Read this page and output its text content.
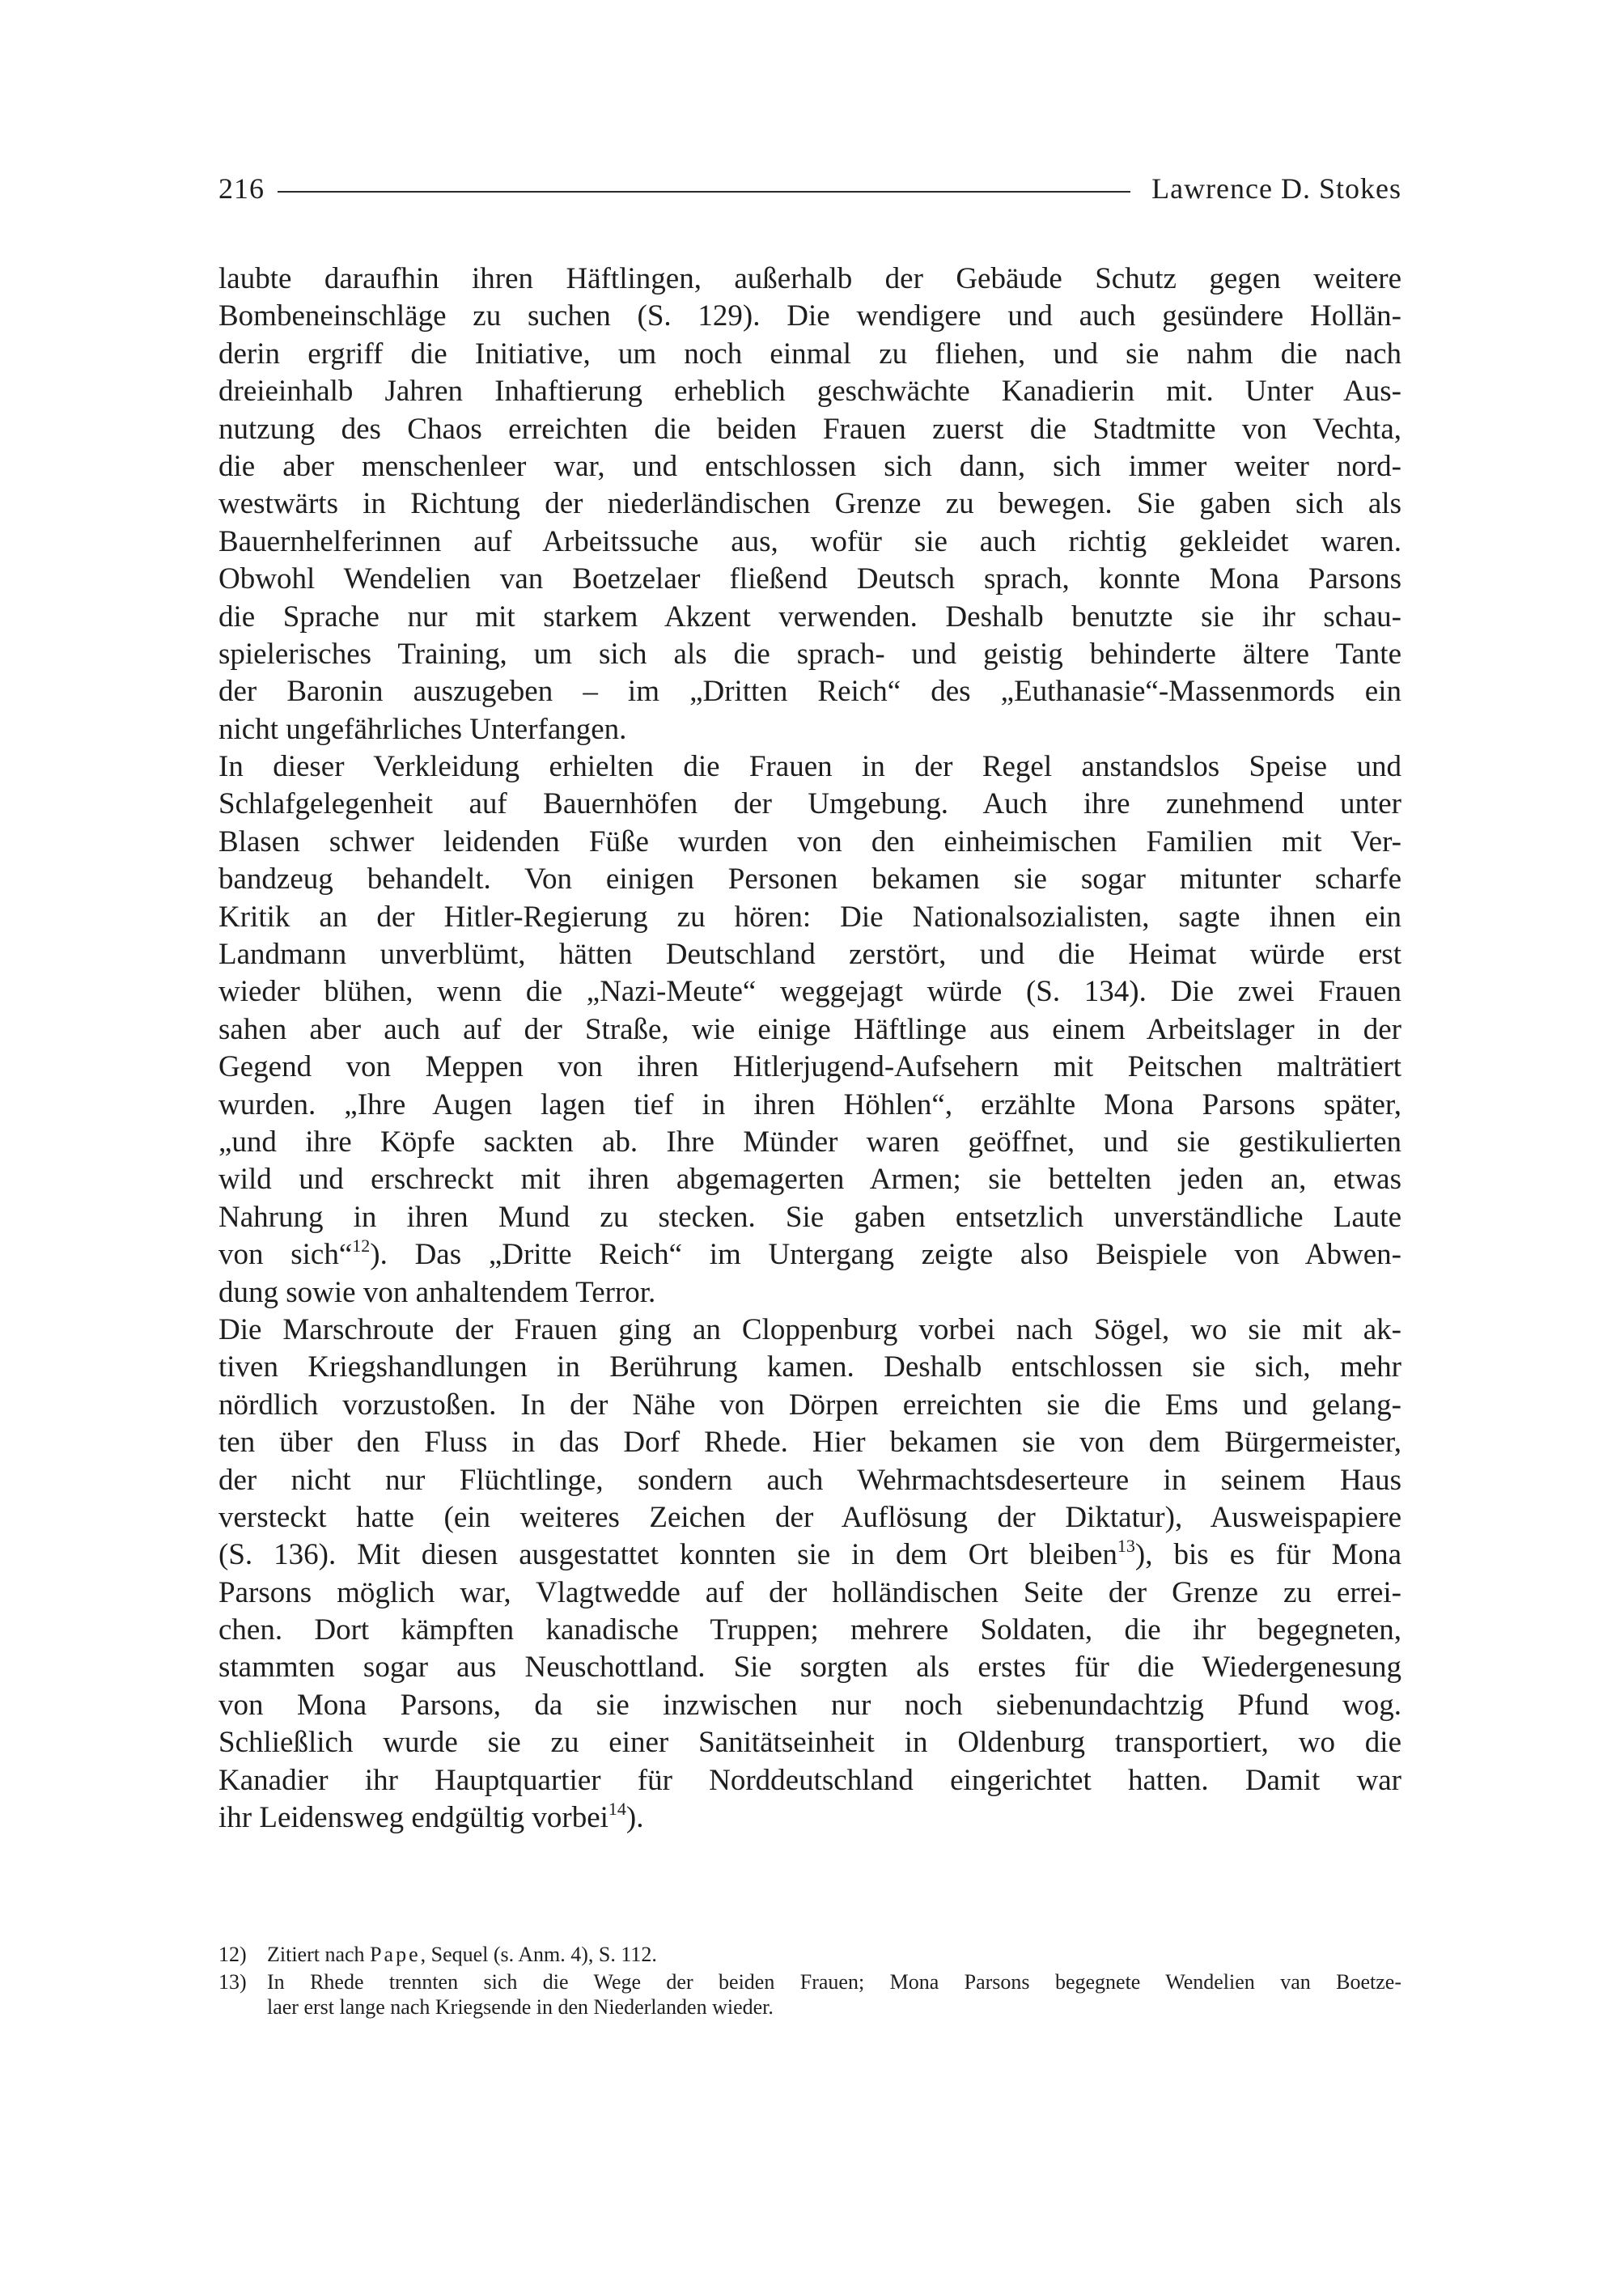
216	Lawrence D. Stokes
laubte daraufhin ihren Häftlingen, außerhalb der Gebäude Schutz gegen weitere
Bombeneinschläge zu suchen (S. 129). Die wendigere und auch gesündere Hollän-
derin ergriff die Initiative, um noch einmal zu fliehen, und sie nahm die nach
dreieinhalb Jahren Inhaftierung erheblich geschwächte Kanadierin mit. Unter Aus-
nutzung des Chaos erreichten die beiden Frauen zuerst die Stadtmitte von Vechta,
die aber menschenleer war, und entschlossen sich dann, sich immer weiter nord-
westwärts in Richtung der niederländischen Grenze zu bewegen. Sie gaben sich als
Bauernhelferinnen auf Arbeitssuche aus, wofür sie auch richtig gekleidet waren.
Obwohl Wendelien van Boetzelaer fließend Deutsch sprach, konnte Mona Parsons
die Sprache nur mit starkem Akzent verwenden. Deshalb benutzte sie ihr schau-
spielerisches Training, um sich als die sprach- und geistig behinderte ältere Tante
der Baronin auszugeben – im „Dritten Reich“ des „Euthanasie“-Massenmords ein
nicht ungefährliches Unterfangen.
In dieser Verkleidung erhielten die Frauen in der Regel anstandslos Speise und
Schlafgelegenheit auf Bauernhöfen der Umgebung. Auch ihre zunehmend unter
Blasen schwer leidenden Füße wurden von den einheimischen Familien mit Ver-
bandzeug behandelt. Von einigen Personen bekamen sie sogar mitunter scharfe
Kritik an der Hitler-Regierung zu hören: Die Nationalsozialisten, sagte ihnen ein
Landmann unverblümt, hätten Deutschland zerstört, und die Heimat würde erst
wieder blühen, wenn die „Nazi-Meute“ weggejagt würde (S. 134). Die zwei Frauen
sahen aber auch auf der Straße, wie einige Häftlinge aus einem Arbeitslager in der
Gegend von Meppen von ihren Hitlerjugend-Aufsehern mit Peitschen malträtiert
wurden. „Ihre Augen lagen tief in ihren Höhlen“, erzählte Mona Parsons später,
„und ihre Köpfe sackten ab. Ihre Münder waren geöffnet, und sie gestikulierten
wild und erschreckt mit ihren abgemagerten Armen; sie bettelten jeden an, etwas
Nahrung in ihren Mund zu stecken. Sie gaben entsetzlich unverständliche Laute
von sich“$^{12}$). Das „Dritte Reich“ im Untergang zeigte also Beispiele von Abwen-
dung sowie von anhaltendem Terror.
Die Marschroute der Frauen ging an Cloppenburg vorbei nach Sögel, wo sie mit ak-
tiven Kriegshandlungen in Berührung kamen. Deshalb entschlossen sie sich, mehr
nördlich vorzustoßen. In der Nähe von Dörpen erreichten sie die Ems und gelang-
ten über den Fluss in das Dorf Rhede. Hier bekamen sie von dem Bürgermeister,
der nicht nur Flüchtlinge, sondern auch Wehrmachtsdeserteure in seinem Haus
versteckt hatte (ein weiteres Zeichen der Auflösung der Diktatur), Ausweispapiere
(S. 136). Mit diesen ausgestattet konnten sie in dem Ort bleiben$^{13}$), bis es für Mona
Parsons möglich war, Vlagtwedde auf der holländischen Seite der Grenze zu errei-
chen. Dort kämpften kanadische Truppen; mehrere Soldaten, die ihr begegneten,
stammten sogar aus Neuschottland. Sie sorgten als erstes für die Wiedergenesung
von Mona Parsons, da sie inzwischen nur noch siebenundachtzig Pfund wog.
Schließlich wurde sie zu einer Sanitätseinheit in Oldenburg transportiert, wo die
Kanadier ihr Hauptquartier für Norddeutschland eingerichtet hatten. Damit war
ihr Leidensweg endgültig vorbei$^{14}$).
12) Zitiert nach Pape, Sequel (s. Anm. 4), S. 112.
13) In Rhede trennten sich die Wege der beiden Frauen; Mona Parsons begegnete Wendelien van Boetze-
laer erst lange nach Kriegsende in den Niederlanden wieder.
